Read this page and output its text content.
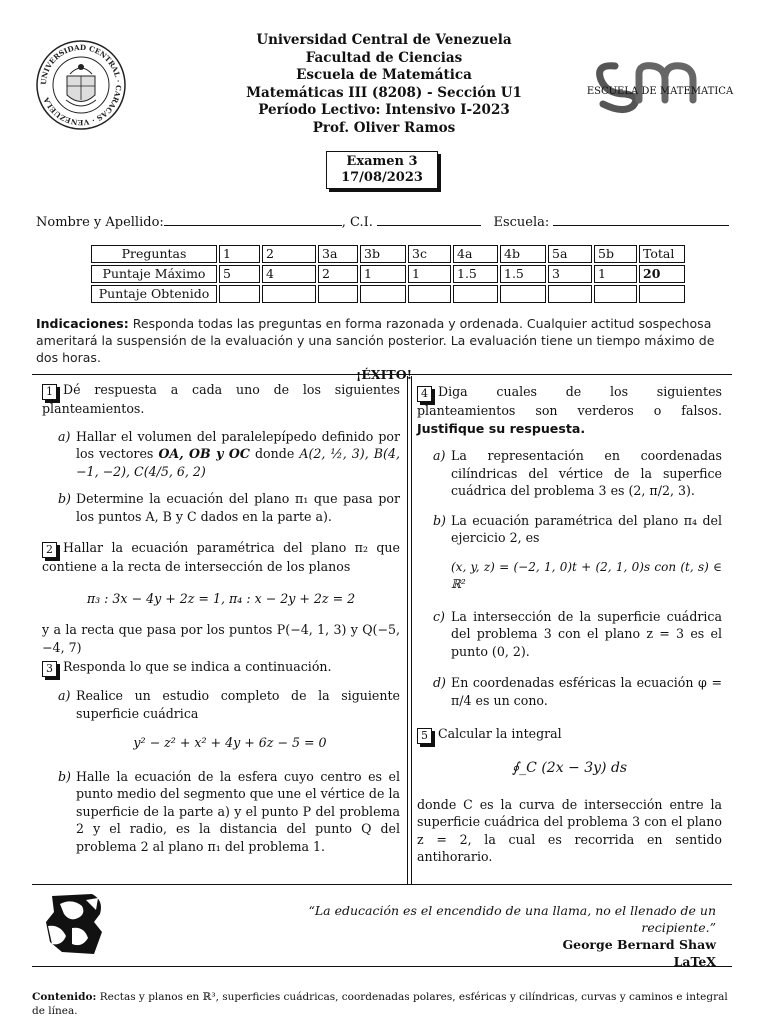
UNIVERSIDAD CENTRAL · CARACAS · VENEZUELA
Universidad Central de Venezuela
Facultad de Ciencias
Escuela de Matemática
Matemáticas III (8208) - Sección U1
Período Lectivo: Intensivo I-2023
Prof. Oliver Ramos
ESCUELA DE MATEMATICA
Examen 3
17/08/2023
Nombre y Apellido:	, C.I.	Escuela:
Preguntas	1	2	3a	3b	3c	4a	4b	5a	5b	Total
Puntaje Máximo	5	4	2	1	1	1.5	1.5	3	1	20
Puntaje Obtenido										
Indicaciones: Responda todas las preguntas en forma razonada y ordenada. Cualquier actitud sospechosa ameritará la suspensión de la evaluación y una sanción posterior. La evaluación tiene un tiempo máximo de dos horas.
¡ÉXITO!
1 Dé respuesta a cada uno de los siguientes planteamientos.
a) Hallar el volumen del paralelepípedo definido por los vectores OA, OB y OC donde A(2, ½, 3), B(4, −1, −2), C(4/5, 6, 2)
b) Determine la ecuación del plano π₁ que pasa por los puntos A, B y C dados en la parte a).
2 Hallar la ecuación paramétrica del plano π₂ que contiene a la recta de intersección de los planos
π₃ : 3x − 4y + 2z = 1, π₄ : x − 2y + 2z = 2
y a la recta que pasa por los puntos P(−4, 1, 3) y Q(−5, −4, 7)
3 Responda lo que se indica a continuación.
a) Realice un estudio completo de la siguiente superficie cuádrica
y² − z² + x² + 4y + 6z − 5 = 0
b) Halle la ecuación de la esfera cuyo centro es el punto medio del segmento que une el vértice de la superficie de la parte a) y el punto P del problema 2 y el radio, es la distancia del punto Q del problema 2 al plano π₁ del problema 1.
4 Diga cuales de los siguientes planteamientos son verderos o falsos. Justifique su respuesta.
a) La representación en coordenadas cilíndricas del vértice de la superfice cuádrica del problema 3 es (2, π/2, 3).
b) La ecuación paramétrica del plano π₄ del ejercicio 2, es
(x, y, z) = (−2, 1, 0)t + (2, 1, 0)s con (t, s) ∈ ℝ²
c) La intersección de la superficie cuádrica del problema 3 con el plano z = 3 es el punto (0, 2).
d) En coordenadas esféricas la ecuación φ = π/4 es un cono.
5 Calcular la integral
∮_C (2x − 3y) ds
donde C es la curva de intersección entre la superficie cuádrica del problema 3 con el plano z = 2, la cual es recorrida en sentido antihorario.
“La educación es el encendido de una llama, no el llenado de un recipiente.”
George Bernard Shaw
LaTeX
Contenido: Rectas y planos en ℝ³, superficies cuádricas, coordenadas polares, esféricas y cilíndricas, curvas y caminos e integral de línea.
